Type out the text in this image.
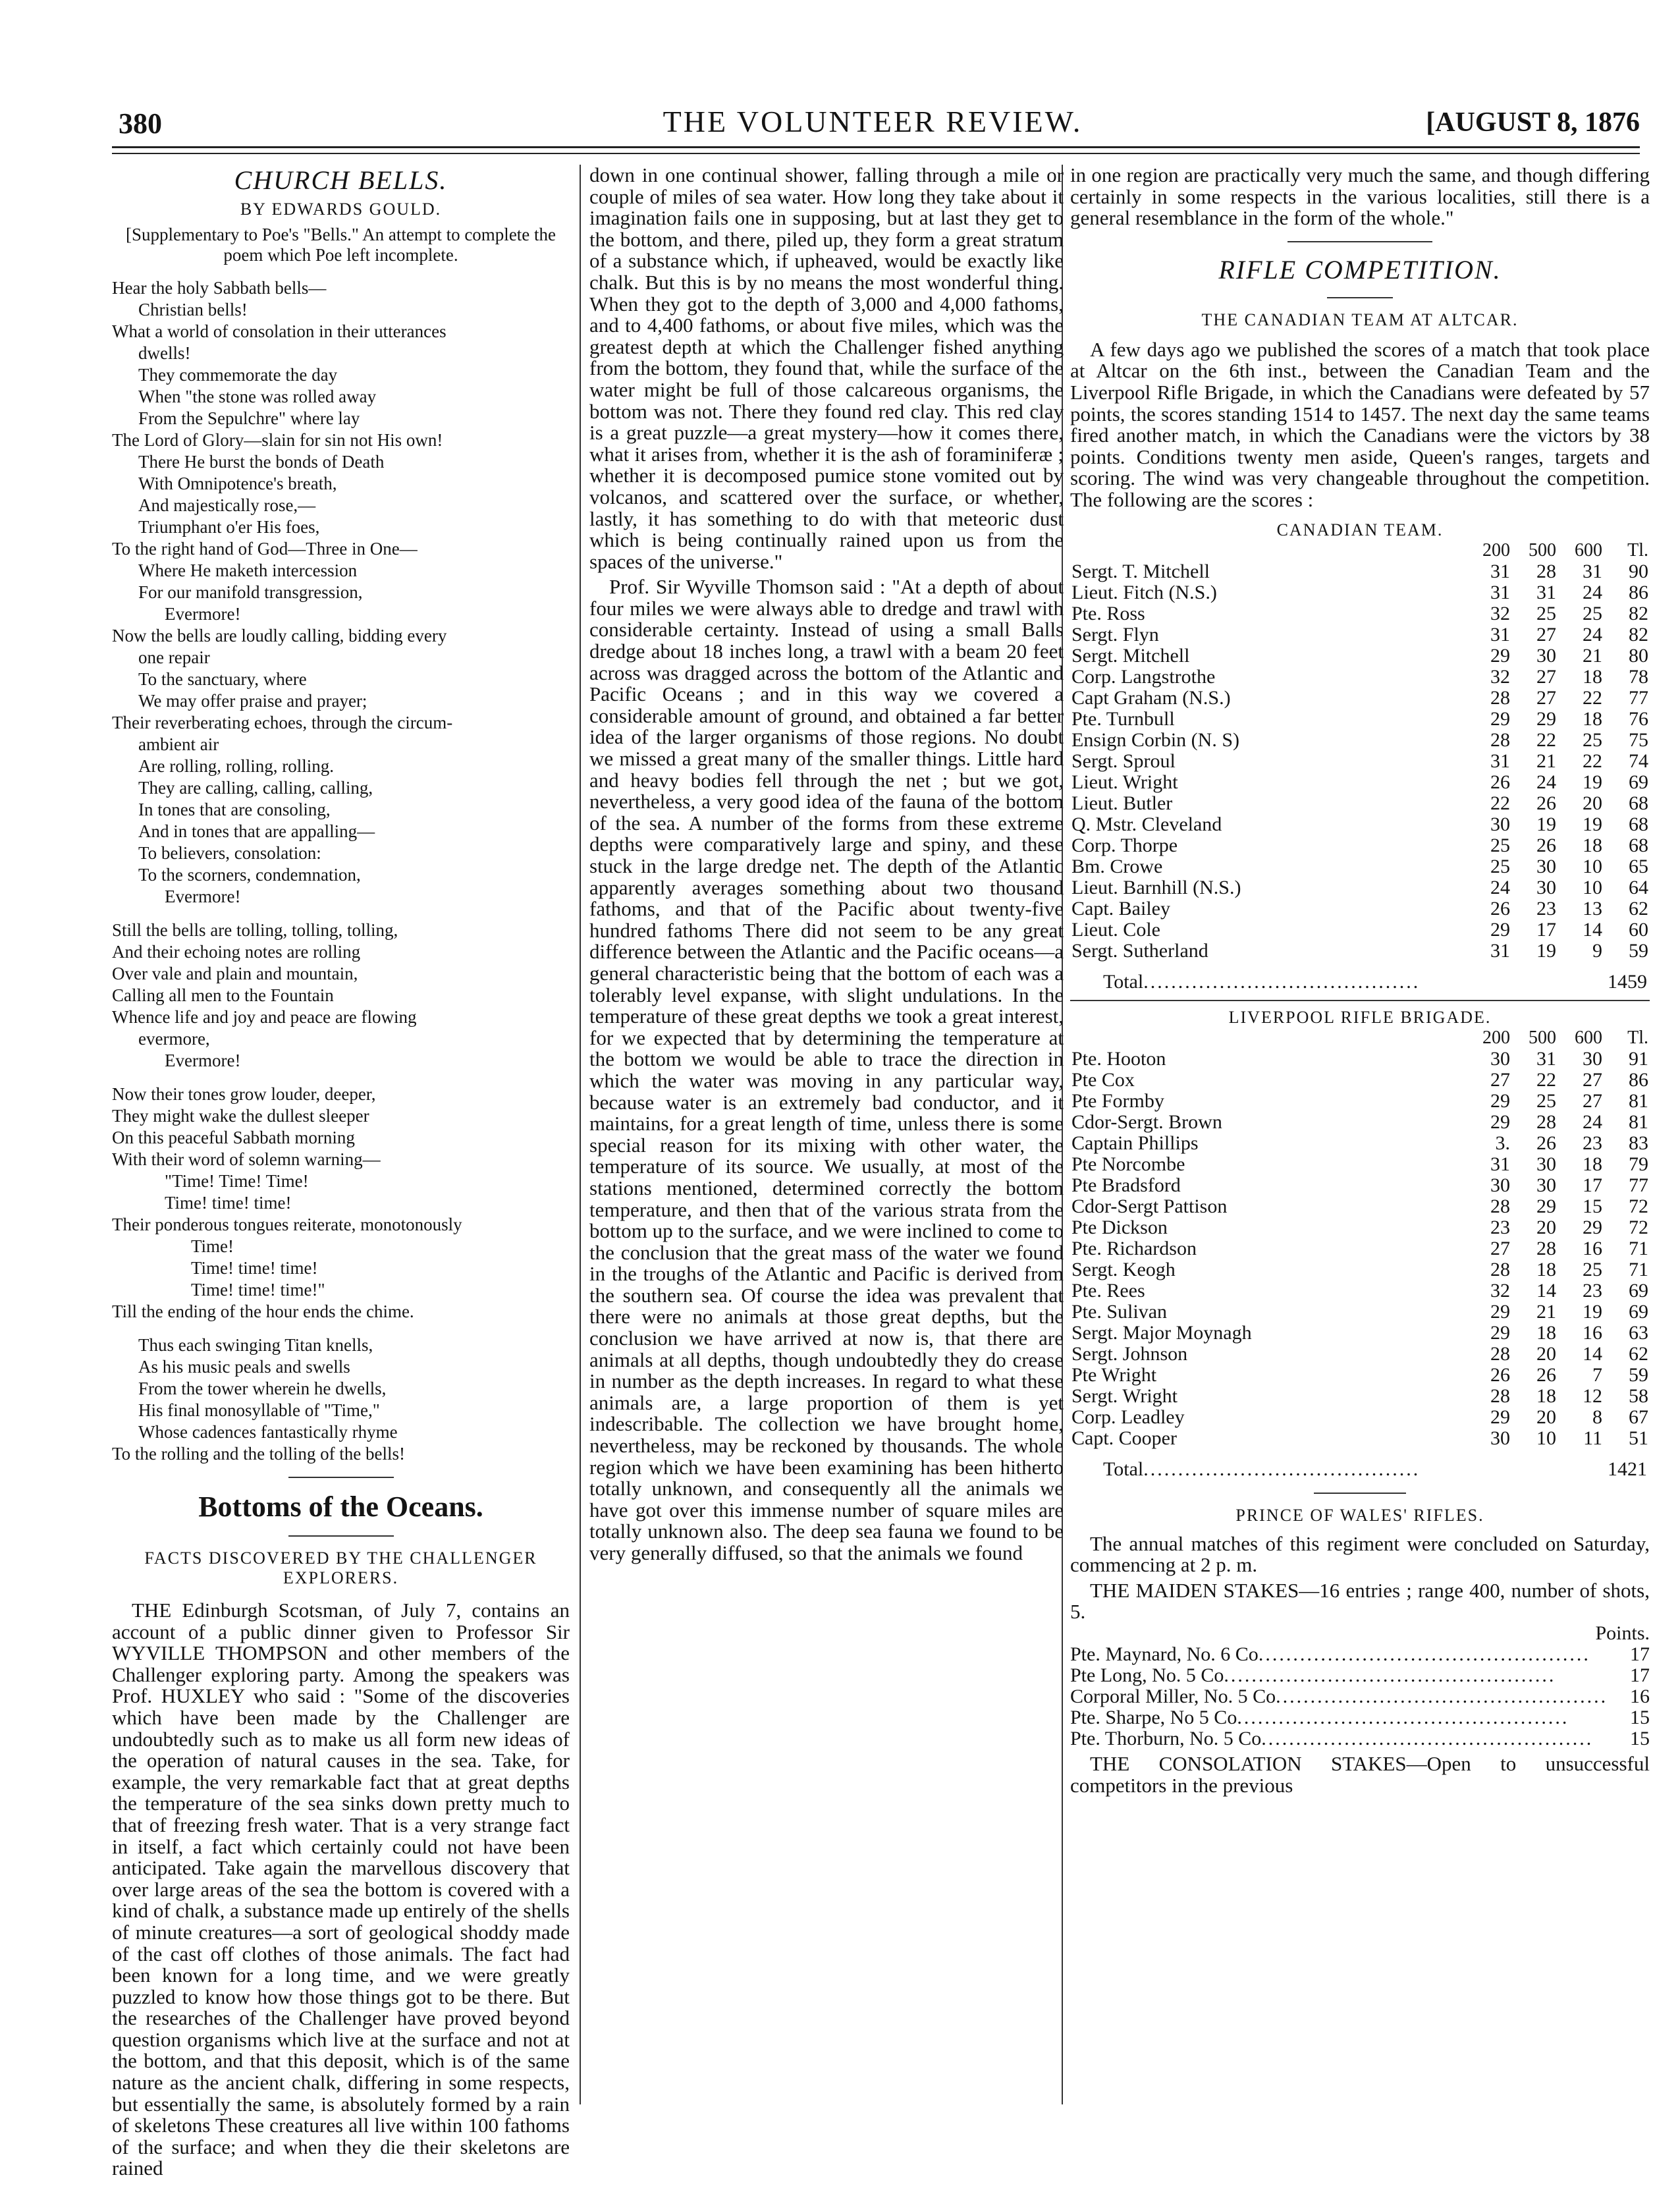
380	THE VOLUNTEER REVIEW.	[AUGUST 8, 1876
CHURCH BELLS.
BY EDWARDS GOULD.
[Supplementary to Poe's "Bells." An attempt to complete the poem which Poe left incomplete.
Hear the holy Sabbath bells—
Christian bells!
What a world of consolation in their utterances
dwells!
They commemorate the day
When "the stone was rolled away
From the Sepulchre" where lay
The Lord of Glory—slain for sin not His own!
There He burst the bonds of Death
With Omnipotence's breath,
And majestically rose,—
Triumphant o'er His foes,
To the right hand of God—Three in One—
Where He maketh intercession
For our manifold transgression,
Evermore!
Now the bells are loudly calling, bidding every
one repair
To the sanctuary, where
We may offer praise and prayer;
Their reverberating echoes, through the circum-
ambient air
Are rolling, rolling, rolling.
They are calling, calling, calling,
In tones that are consoling,
And in tones that are appalling—
To believers, consolation:
To the scorners, condemnation,
Evermore!
Still the bells are tolling, tolling, tolling,
And their echoing notes are rolling
Over vale and plain and mountain,
Calling all men to the Fountain
Whence life and joy and peace are flowing
evermore,
Evermore!
Now their tones grow louder, deeper,
They might wake the dullest sleeper
On this peaceful Sabbath morning
With their word of solemn warning—
"Time! Time! Time!
Time! time! time!
Their ponderous tongues reiterate, monotonously
Time!
Time! time! time!
Time! time! time!"
Till the ending of the hour ends the chime.
Thus each swinging Titan knells,
As his music peals and swells
From the tower wherein he dwells,
His final monosyllable of "Time,"
Whose cadences fantastically rhyme
To the rolling and the tolling of the bells!
Bottoms of the Oceans.
FACTS DISCOVERED BY THE CHALLENGER EXPLORERS.

THE Edinburgh Scotsman, of July 7, contains an account of a public dinner given to Professor Sir WYVILLE THOMPSON and other members of the Challenger exploring party. Among the speakers was Prof. HUXLEY who said : "Some of the discoveries which have been made by the Challenger are undoubtedly such as to make us all form new ideas of the operation of natural causes in the sea. Take, for example, the very remarkable fact that at great depths the temperature of the sea sinks down pretty much to that of freezing fresh water. That is a very strange fact in itself, a fact which certainly could not have been anticipated. Take again the marvellous discovery that over large areas of the sea the bottom is covered with a kind of chalk, a substance made up entirely of the shells of minute creatures—a sort of geological shoddy made of the cast off clothes of those animals. The fact had been known for a long time, and we were greatly puzzled to know how those things got to be there. But the researches of the Challenger have proved beyond question organisms which live at the surface and not at the bottom, and that this deposit, which is of the same nature as the ancient chalk, differing in some respects, but essentially the same, is absolutely formed by a rain of skeletons These creatures all live within 100 fathoms of the surface; and when they die their skeletons are rained

down in one continual shower, falling through a mile or couple of miles of sea water. How long they take about it imagination fails one in supposing, but at last they get to the bottom, and there, piled up, they form a great stratum of a substance which, if upheaved, would be exactly like chalk. But this is by no means the most wonderful thing. When they got to the depth of 3,000 and 4,000 fathoms, and to 4,400 fathoms, or about five miles, which was the greatest depth at which the Challenger fished anything from the bottom, they found that, while the surface of the water might be full of those calcareous organisms, the bottom was not. There they found red clay. This red clay is a great puzzle—a great mystery—how it comes there, what it arises from, whether it is the ash of foraminiferæ ; whether it is decomposed pumice stone vomited out by volcanos, and scattered over the surface, or whether, lastly, it has something to do with that meteoric dust which is being continually rained upon us from the spaces of the universe."

Prof. Sir Wyville Thomson said : "At a depth of about four miles we were always able to dredge and trawl with considerable certainty. Instead of using a small Balls dredge about 18 inches long, a trawl with a beam 20 feet across was dragged across the bottom of the Atlantic and Pacific Oceans ; and in this way we covered a considerable amount of ground, and obtained a far better idea of the larger organisms of those regions. No doubt we missed a great many of the smaller things. Little hard and heavy bodies fell through the net ; but we got, nevertheless, a very good idea of the fauna of the bottom of the sea. A number of the forms from these extreme depths were comparatively large and spiny, and these stuck in the large dredge net. The depth of the Atlantic apparently averages something about two thousand fathoms, and that of the Pacific about twenty-five hundred fathoms There did not seem to be any great difference between the Atlantic and the Pacific oceans—a general characteristic being that the bottom of each was a tolerably level expanse, with slight undulations. In the temperature of these great depths we took a great interest, for we expected that by determining the temperature at the bottom we would be able to trace the direction in which the water was moving in any particular way, because water is an extremely bad conductor, and it maintains, for a great length of time, unless there is some special reason for its mixing with other water, the temperature of its source. We usually, at most of the stations mentioned, determined correctly the bottom temperature, and then that of the various strata from the bottom up to the surface, and we were inclined to come to the conclusion that the great mass of the water we found in the troughs of the Atlantic and Pacific is derived from the southern sea. Of course the idea was prevalent that there were no animals at those great depths, but the conclusion we have arrived at now is, that there are animals at all depths, though undoubtedly they do crease in number as the depth increases. In regard to what these animals are, a large proportion of them is yet indescribable. The collection we have brought home, nevertheless, may be reckoned by thousands. The whole region which we have been examining has been hitherto totally unknown, and consequently all the animals we have got over this immense number of square miles are totally unknown also. The deep sea fauna we found to be very generally diffused, so that the animals we found

in one region are practically very much the same, and though differing certainly in some respects in the various localities, still there is a general resemblance in the form of the whole."

RIFLE COMPETITION.
THE CANADIAN TEAM AT ALTCAR.

A few days ago we published the scores of a match that took place at Altcar on the 6th inst., between the Canadian Team and the Liverpool Rifle Brigade, in which the Canadians were defeated by 57 points, the scores standing 1514 to 1457. The next day the same teams fired another match, in which the Canadians were the victors by 38 points. Conditions twenty men aside, Queen's ranges, targets and scoring. The wind was very changeable throughout the competition. The following are the scores :

CANADIAN TEAM.
	200	500	600	Tl.
Sergt. T. Mitchell	31	28	31	90
Lieut. Fitch (N.S.)	31	31	24	86
Pte. Ross	32	25	25	82
Sergt. Flyn	31	27	24	82
Sergt. Mitchell	29	30	21	80
Corp. Langstrothe	32	27	18	78
Capt Graham (N.S.)	28	27	22	77
Pte. Turnbull	29	29	18	76
Ensign Corbin (N. S)	28	22	25	75
Sergt. Sproul	31	21	22	74
Lieut. Wright	26	24	19	69
Lieut. Butler	22	26	20	68
Q. Mstr. Cleveland	30	19	19	68
Corp. Thorpe	25	26	18	68
Bm. Crowe	25	30	10	65
Lieut. Barnhill (N.S.)	24	30	10	64
Capt. Bailey	26	23	13	62
Lieut. Cole	29	17	14	60
Sergt. Sutherland	31	19	9	59
Total ........................................	1459
LIVERPOOL RIFLE BRIGADE.
	200	500	600	Tl.
Pte. Hooton	30	31	30	91
Pte Cox	27	22	27	86
Pte Formby	29	25	27	81
Cdor-Sergt. Brown	29	28	24	81
Captain Phillips	3.	26	23	83
Pte Norcombe	31	30	18	79
Pte Bradsford	30	30	17	77
Cdor-Sergt Pattison	28	29	15	72
Pte Dickson	23	20	29	72
Pte. Richardson	27	28	16	71
Sergt. Keogh	28	18	25	71
Pte. Rees	32	14	23	69
Pte. Sulivan	29	21	19	69
Sergt. Major Moynagh	29	18	16	63
Sergt. Johnson	28	20	14	62
Pte Wright	26	26	7	59
Sergt. Wright	28	18	12	58
Corp. Leadley	29	20	8	67
Capt. Cooper	30	10	11	51
Total ........................................	1421
PRINCE OF WALES' RIFLES.

The annual matches of this regiment were concluded on Saturday, commencing at 2 p. m.

THE MAIDEN STAKES—16 entries ; range 400, number of shots, 5.

Points.
Pte. Maynard, No. 6 Co ................................................	17
Pte Long, No. 5 Co ................................................	17
Corporal Miller, No. 5 Co ................................................	16
Pte. Sharpe, No 5 Co ................................................	15
Pte. Thorburn, No. 5 Co ................................................	15

THE CONSOLATION STAKES—Open to unsuccessful competitors in the previous
